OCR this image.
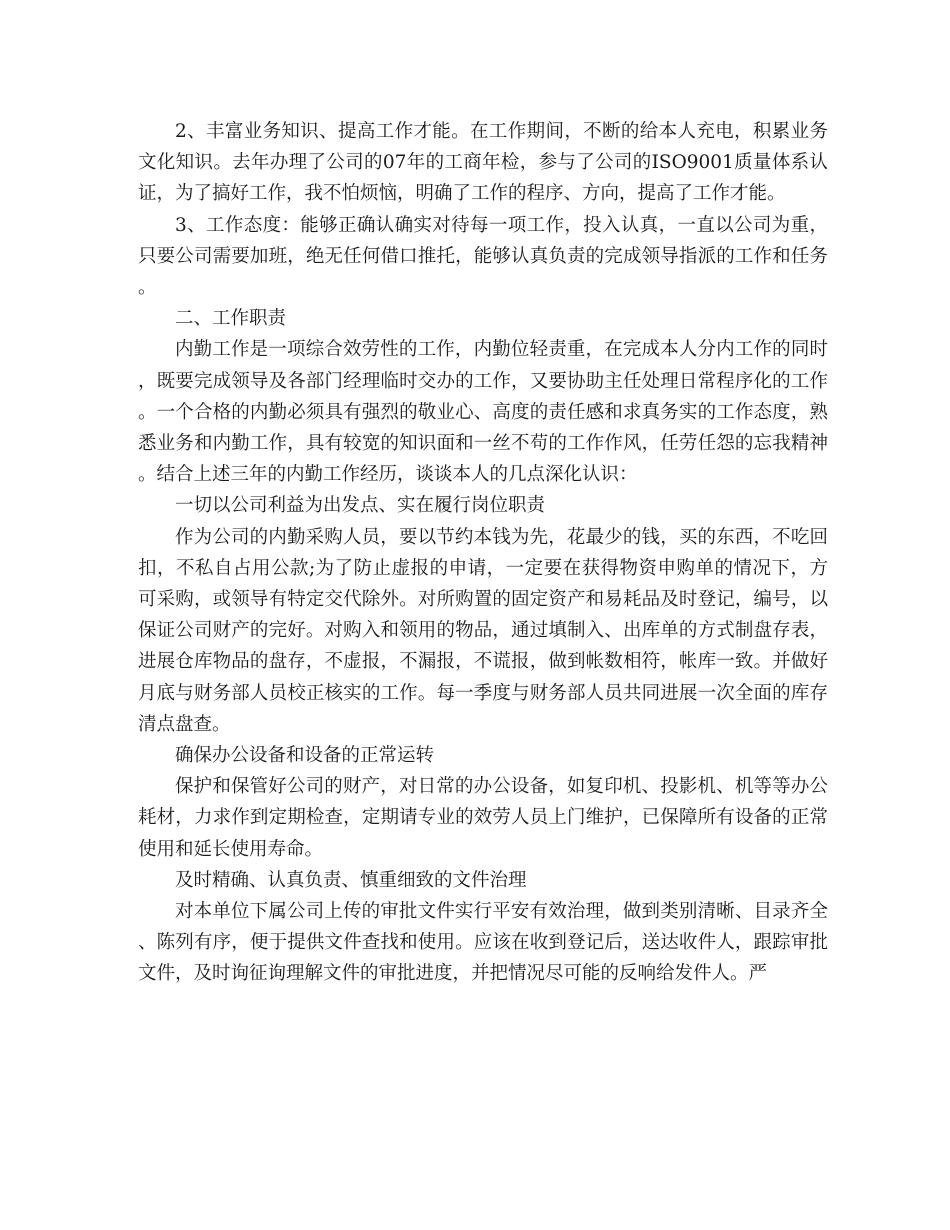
2、丰富业务知识、提高工作才能。在工作期间，不断的给本人充电，积累业务文化知识。去年办理了公司的07年的工商年检，参与了公司的ISO9001质量体系认证，为了搞好工作，我不怕烦恼，明确了工作的程序、方向，提高了工作才能。

3、工作态度：能够正确认确实对待每一项工作，投入认真，一直以公司为重，只要公司需要加班，绝无任何借口推托，能够认真负责的完成领导指派的工作和任务。

二、工作职责

内勤工作是一项综合效劳性的工作，内勤位轻责重，在完成本人分内工作的同时，既要完成领导及各部门经理临时交办的工作，又要协助主任处理日常程序化的工作。一个合格的内勤必须具有强烈的敬业心、高度的责任感和求真务实的工作态度，熟悉业务和内勤工作，具有较宽的知识面和一丝不苟的工作作风，任劳任怨的忘我精神。结合上述三年的内勤工作经历，谈谈本人的几点深化认识：

一切以公司利益为出发点、实在履行岗位职责

作为公司的内勤采购人员，要以节约本钱为先，花最少的钱，买的东西，不吃回扣，不私自占用公款;为了防止虚报的申请，一定要在获得物资申购单的情况下，方可采购，或领导有特定交代除外。对所购置的固定资产和易耗品及时登记，编号，以保证公司财产的完好。对购入和领用的物品，通过填制入、出库单的方式制盘存表，进展仓库物品的盘存，不虚报，不漏报，不谎报，做到帐数相符，帐库一致。并做好月底与财务部人员校正核实的工作。每一季度与财务部人员共同进展一次全面的库存清点盘查。

确保办公设备和设备的正常运转

保护和保管好公司的财产，对日常的办公设备，如复印机、投影机、机等等办公耗材，力求作到定期检查，定期请专业的效劳人员上门维护，已保障所有设备的正常使用和延长使用寿命。

及时精确、认真负责、慎重细致的文件治理

对本单位下属公司上传的审批文件实行平安有效治理，做到类别清晰、目录齐全、陈列有序，便于提供文件查找和使用。应该在收到登记后，送达收件人，跟踪审批文件，及时询征询理解文件的审批进度，并把情况尽可能的反响给发件人。严
